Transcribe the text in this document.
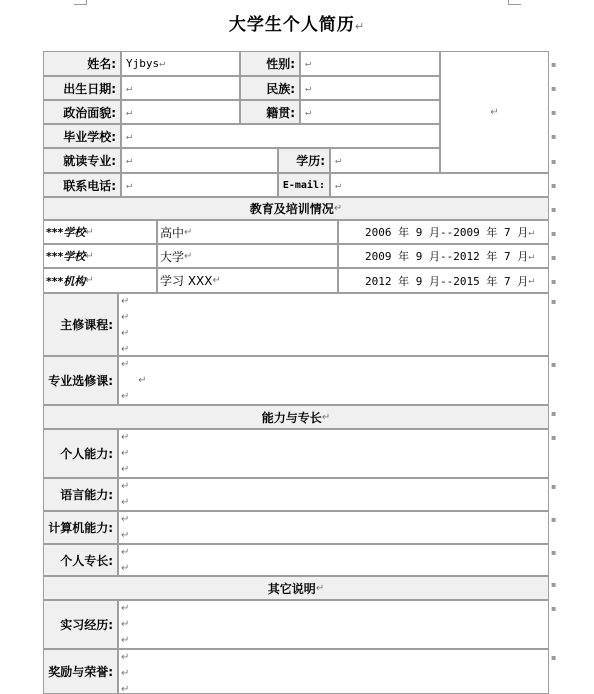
大学生个人简历↵
姓名: Yjbys ↵	性别: ↵
↵
出生日期: ↵	民族: ↵
政治面貌: ↵	籍贯: ↵
毕业学校: ↵
就读专业: ↵	学历: ↵
联系电话: ↵	E-mail: ↵
教育及培训情况 ↵
***学校 ↵	高中 ↵	2006 年 9 月--2009 年 7 月 ↵
***学校 ↵	大学 ↵	2009 年 9 月--2012 年 7 月 ↵
***机构 ↵	学习 XXX ↵	2012 年 9 月--2015 年 7 月 ↵
主修课程:
↵
↵
↵
↵
专业选修课:
↵
↵
↵
能力与专长 ↵
个人能力:
↵
↵
↵
语言能力:
↵
↵
计算机能力:
↵
↵
个人专长:
↵
↵
其它说明 ↵
实习经历:
↵
↵
↵
奖励与荣誉:
↵
↵
↵
▪
▪
▪
▪
▪
▪
▪
▪
▪
▪
▪
▪
▪
▪
▪
▪
▪
▪
▪
▪
